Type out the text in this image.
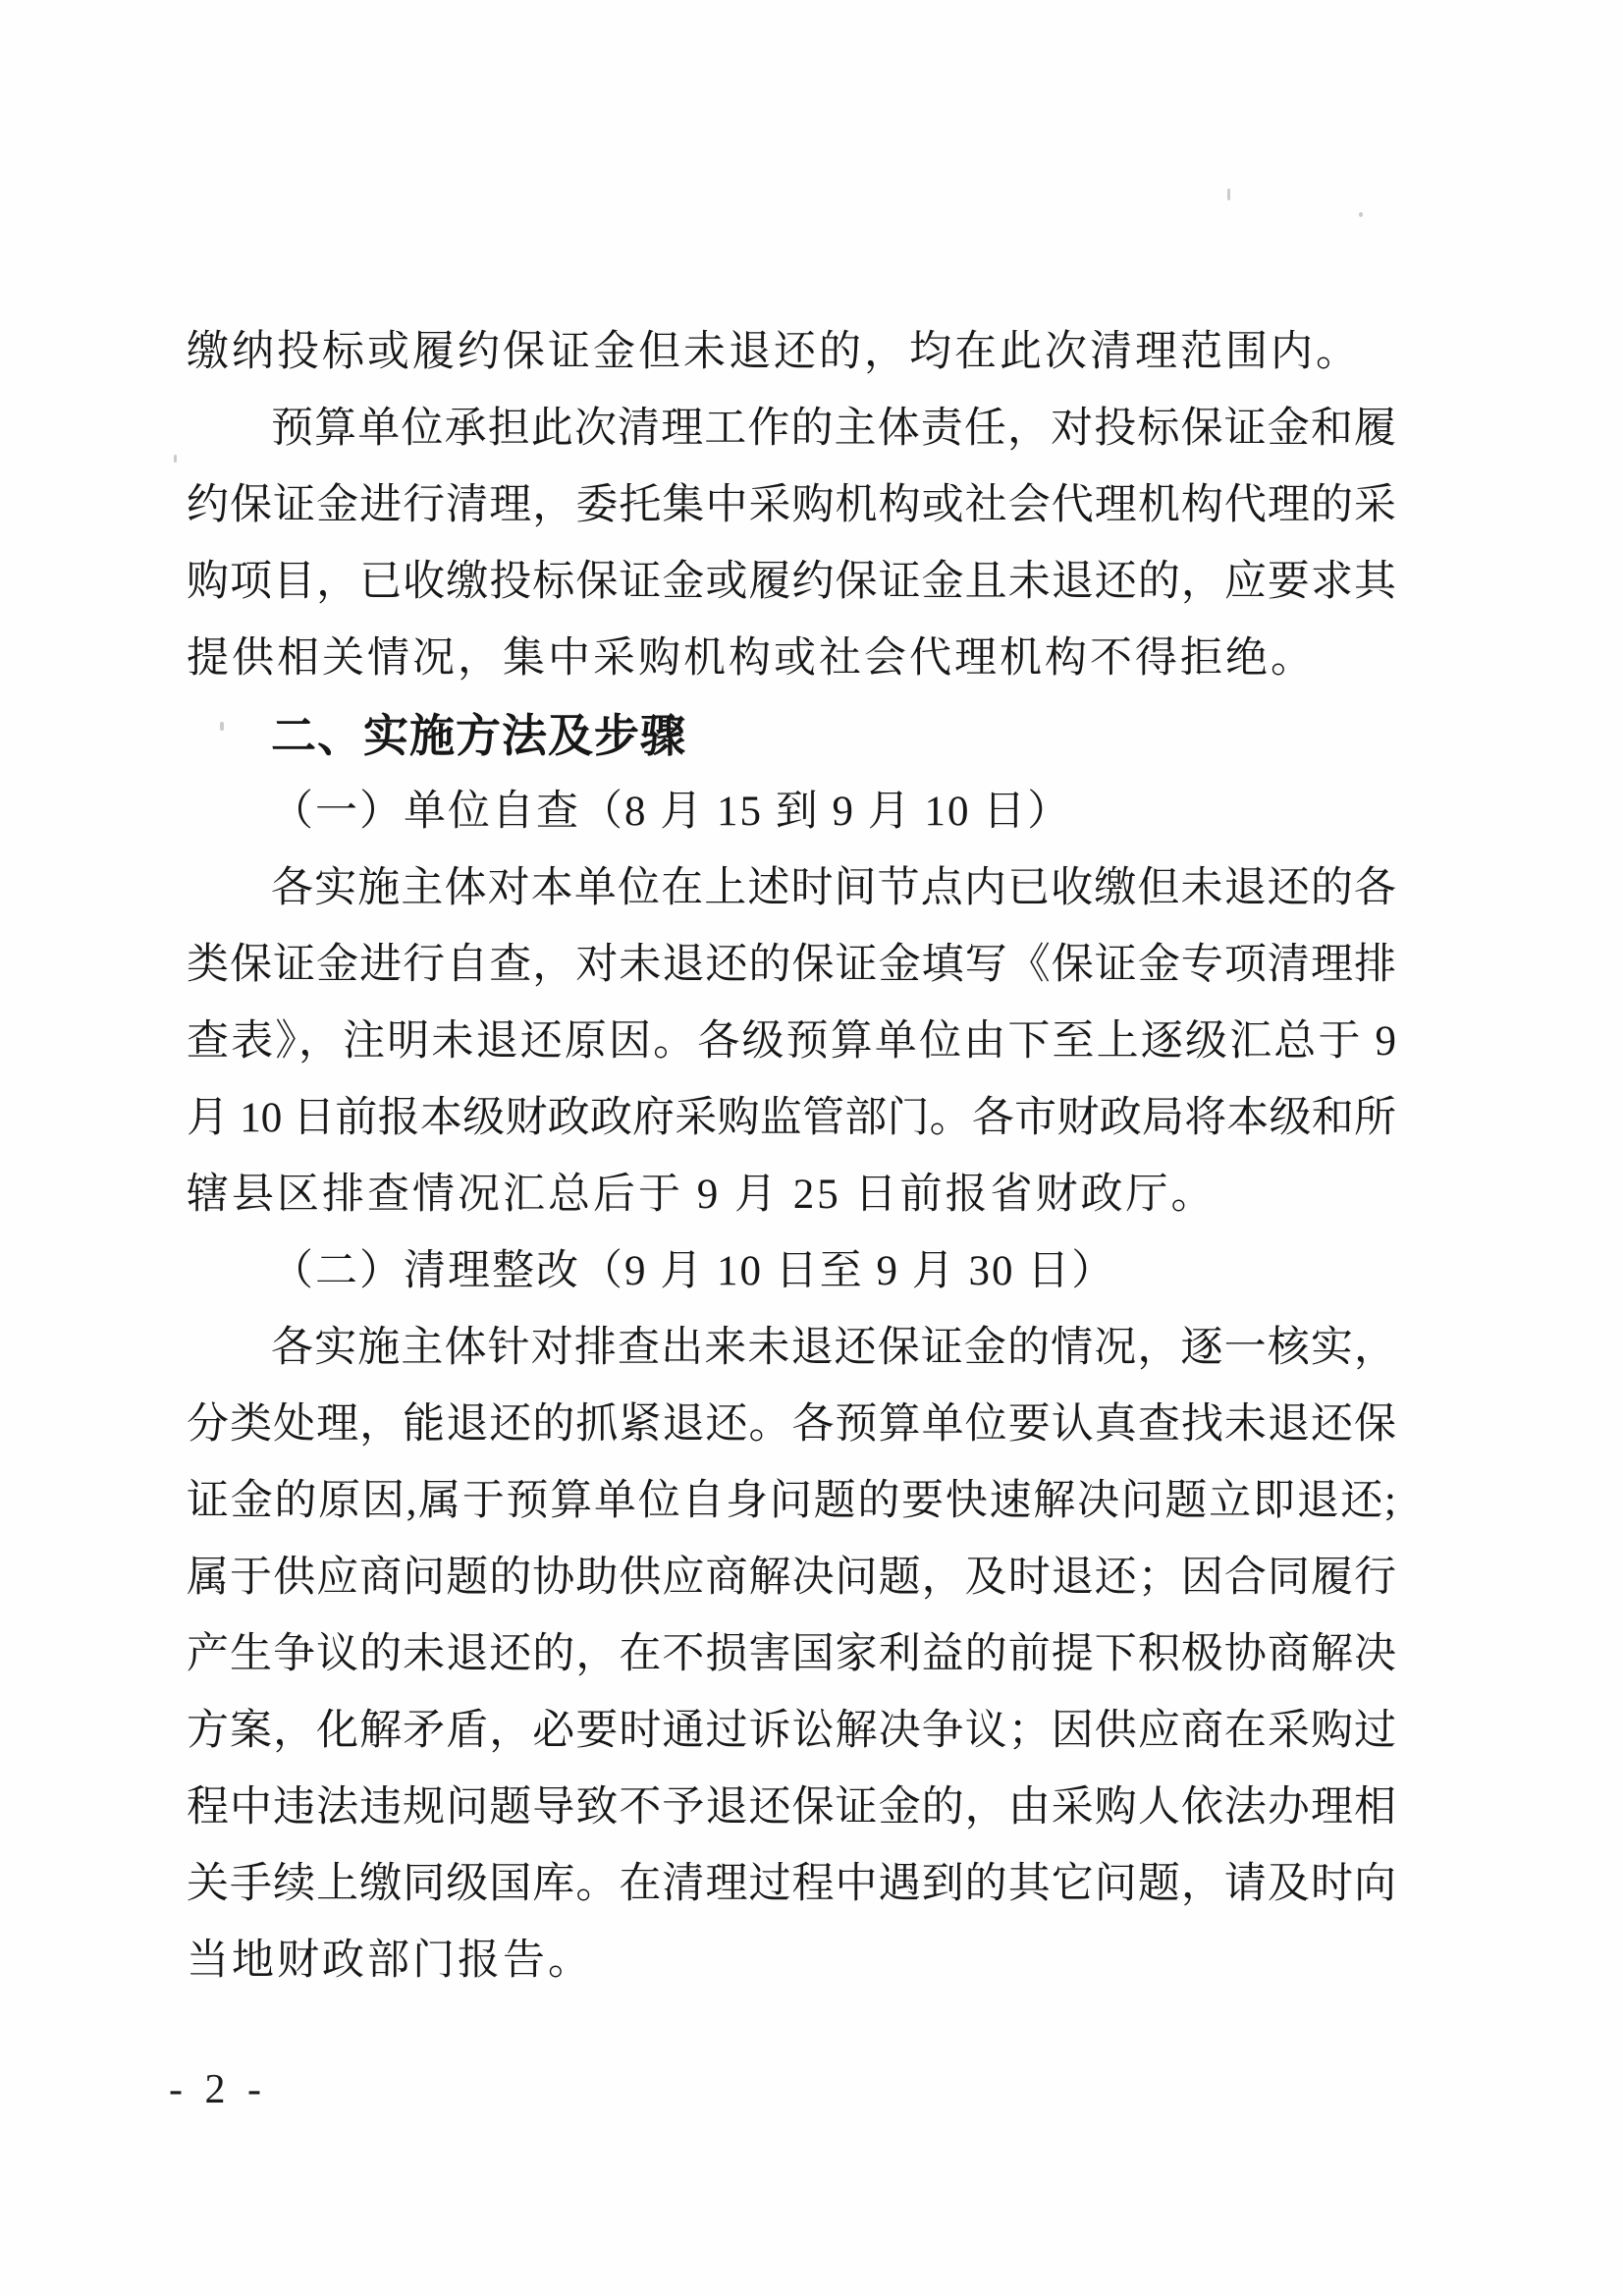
缴纳投标或履约保证金但未退还的，均在此次清理范围内。
预算单位承担此次清理工作的主体责任，对投标保证金和履
约保证金进行清理，委托集中采购机构或社会代理机构代理的采
购项目，已收缴投标保证金或履约保证金且未退还的，应要求其
提供相关情况，集中采购机构或社会代理机构不得拒绝。
二、实施方法及步骤
（一）单位自查（8 月 15 到 9 月 10 日）
各实施主体对本单位在上述时间节点内已收缴但未退还的各
类保证金进行自查，对未退还的保证金填写《保证金专项清理排
查表》，注明未退还原因。各级预算单位由下至上逐级汇总于 9
月 10 日前报本级财政政府采购监管部门。各市财政局将本级和所
辖县区排查情况汇总后于 9 月 25 日前报省财政厅。
（二）清理整改（9 月 10 日至 9 月 30 日）
各实施主体针对排查出来未退还保证金的情况，逐一核实，
分类处理，能退还的抓紧退还。各预算单位要认真查找未退还保
证金的原因,属于预算单位自身问题的要快速解决问题立即退还;
属于供应商问题的协助供应商解决问题，及时退还；因合同履行
产生争议的未退还的，在不损害国家利益的前提下积极协商解决
方案，化解矛盾，必要时通过诉讼解决争议；因供应商在采购过
程中违法违规问题导致不予退还保证金的，由采购人依法办理相
关手续上缴同级国库。在清理过程中遇到的其它问题，请及时向
当地财政部门报告。
- 2 -
